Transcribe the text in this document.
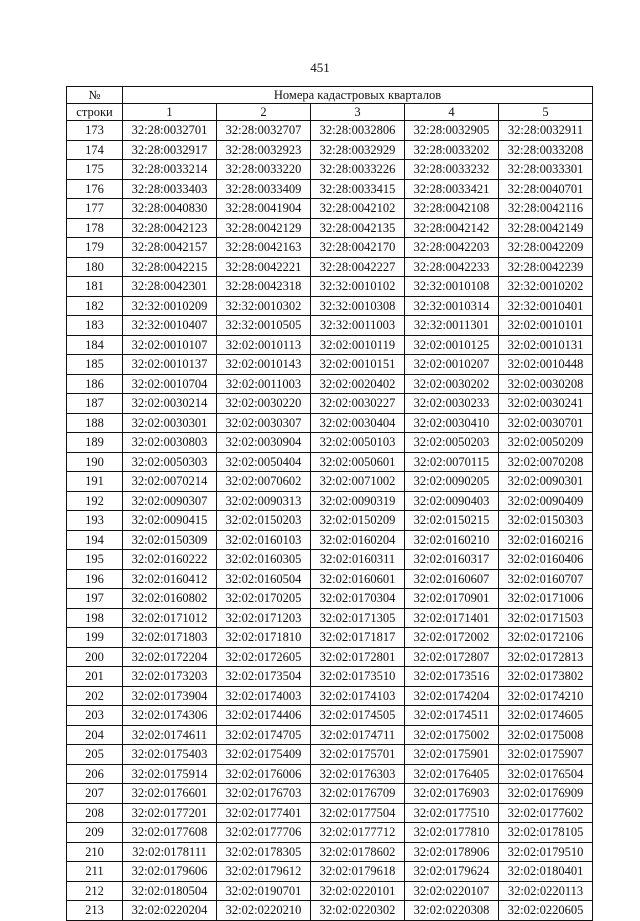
451
№	Номера кадастровых кварталов				
строки	1	2	3	4	5
173	32:28:0032701	32:28:0032707	32:28:0032806	32:28:0032905	32:28:0032911
174	32:28:0032917	32:28:0032923	32:28:0032929	32:28:0033202	32:28:0033208
175	32:28:0033214	32:28:0033220	32:28:0033226	32:28:0033232	32:28:0033301
176	32:28:0033403	32:28:0033409	32:28:0033415	32:28:0033421	32:28:0040701
177	32:28:0040830	32:28:0041904	32:28:0042102	32:28:0042108	32:28:0042116
178	32:28:0042123	32:28:0042129	32:28:0042135	32:28:0042142	32:28:0042149
179	32:28:0042157	32:28:0042163	32:28:0042170	32:28:0042203	32:28:0042209
180	32:28:0042215	32:28:0042221	32:28:0042227	32:28:0042233	32:28:0042239
181	32:28:0042301	32:28:0042318	32:32:0010102	32:32:0010108	32:32:0010202
182	32:32:0010209	32:32:0010302	32:32:0010308	32:32:0010314	32:32:0010401
183	32:32:0010407	32:32:0010505	32:32:0011003	32:32:0011301	32:02:0010101
184	32:02:0010107	32:02:0010113	32:02:0010119	32:02:0010125	32:02:0010131
185	32:02:0010137	32:02:0010143	32:02:0010151	32:02:0010207	32:02:0010448
186	32:02:0010704	32:02:0011003	32:02:0020402	32:02:0030202	32:02:0030208
187	32:02:0030214	32:02:0030220	32:02:0030227	32:02:0030233	32:02:0030241
188	32:02:0030301	32:02:0030307	32:02:0030404	32:02:0030410	32:02:0030701
189	32:02:0030803	32:02:0030904	32:02:0050103	32:02:0050203	32:02:0050209
190	32:02:0050303	32:02:0050404	32:02:0050601	32:02:0070115	32:02:0070208
191	32:02:0070214	32:02:0070602	32:02:0071002	32:02:0090205	32:02:0090301
192	32:02:0090307	32:02:0090313	32:02:0090319	32:02:0090403	32:02:0090409
193	32:02:0090415	32:02:0150203	32:02:0150209	32:02:0150215	32:02:0150303
194	32:02:0150309	32:02:0160103	32:02:0160204	32:02:0160210	32:02:0160216
195	32:02:0160222	32:02:0160305	32:02:0160311	32:02:0160317	32:02:0160406
196	32:02:0160412	32:02:0160504	32:02:0160601	32:02:0160607	32:02:0160707
197	32:02:0160802	32:02:0170205	32:02:0170304	32:02:0170901	32:02:0171006
198	32:02:0171012	32:02:0171203	32:02:0171305	32:02:0171401	32:02:0171503
199	32:02:0171803	32:02:0171810	32:02:0171817	32:02:0172002	32:02:0172106
200	32:02:0172204	32:02:0172605	32:02:0172801	32:02:0172807	32:02:0172813
201	32:02:0173203	32:02:0173504	32:02:0173510	32:02:0173516	32:02:0173802
202	32:02:0173904	32:02:0174003	32:02:0174103	32:02:0174204	32:02:0174210
203	32:02:0174306	32:02:0174406	32:02:0174505	32:02:0174511	32:02:0174605
204	32:02:0174611	32:02:0174705	32:02:0174711	32:02:0175002	32:02:0175008
205	32:02:0175403	32:02:0175409	32:02:0175701	32:02:0175901	32:02:0175907
206	32:02:0175914	32:02:0176006	32:02:0176303	32:02:0176405	32:02:0176504
207	32:02:0176601	32:02:0176703	32:02:0176709	32:02:0176903	32:02:0176909
208	32:02:0177201	32:02:0177401	32:02:0177504	32:02:0177510	32:02:0177602
209	32:02:0177608	32:02:0177706	32:02:0177712	32:02:0177810	32:02:0178105
210	32:02:0178111	32:02:0178305	32:02:0178602	32:02:0178906	32:02:0179510
211	32:02:0179606	32:02:0179612	32:02:0179618	32:02:0179624	32:02:0180401
212	32:02:0180504	32:02:0190701	32:02:0220101	32:02:0220107	32:02:0220113
213	32:02:0220204	32:02:0220210	32:02:0220302	32:02:0220308	32:02:0220605
